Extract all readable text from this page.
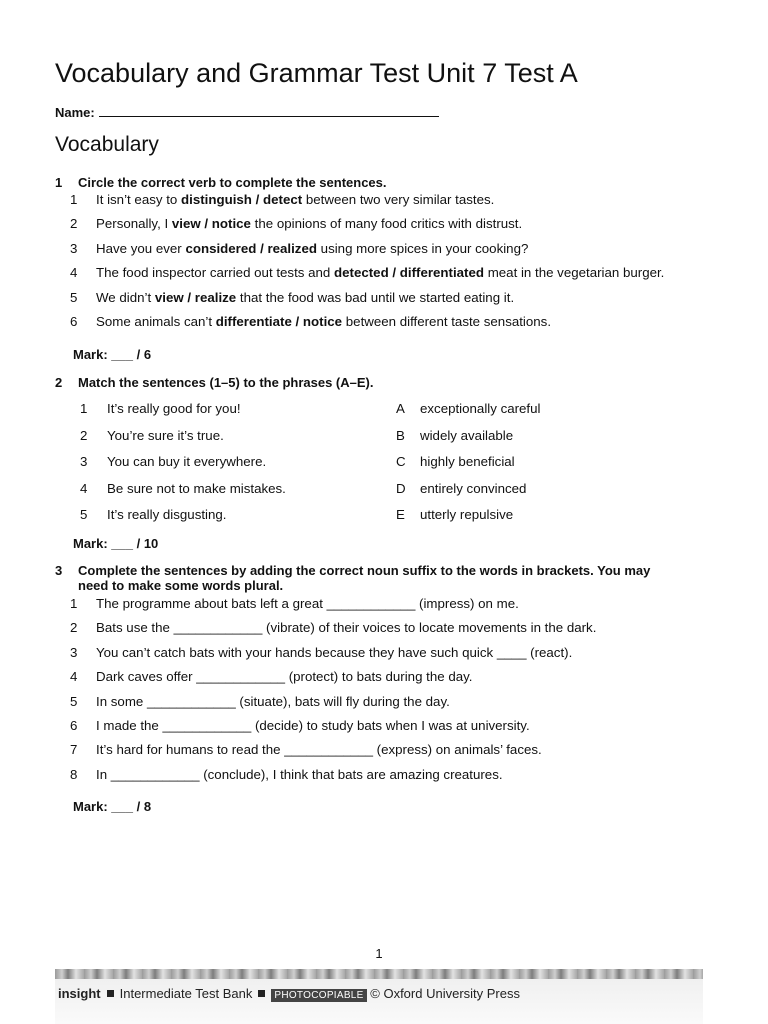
Vocabulary and Grammar Test Unit 7 Test A
Name:
Vocabulary
1 Circle the correct verb to complete the sentences.
1 It isn’t easy to distinguish / detect between two very similar tastes.
2 Personally, I view / notice the opinions of many food critics with distrust.
3 Have you ever considered / realized using more spices in your cooking?
4 The food inspector carried out tests and detected / differentiated meat in the vegetarian burger.
5 We didn’t view / realize that the food was bad until we started eating it.
6 Some animals can’t differentiate / notice between different taste sensations.
Mark: ___ / 6
2 Match the sentences (1–5) to the phrases (A–E).
1 It’s really good for you!	A exceptionally careful
2 You’re sure it’s true.	B widely available
3 You can buy it everywhere.	C highly beneficial
4 Be sure not to make mistakes.	D entirely convinced
5 It’s really disgusting.	E utterly repulsive
Mark: ___ / 10
3 Complete the sentences by adding the correct noun suffix to the words in brackets. You may need to make some words plural.
1 The programme about bats left a great ____________ (impress) on me.
2 Bats use the ____________ (vibrate) of their voices to locate movements in the dark.
3 You can’t catch bats with your hands because they have such quick ____ (react).
4 Dark caves offer ____________ (protect) to bats during the day.
5 In some ____________ (situate), bats will fly during the day.
6 I made the ____________ (decide) to study bats when I was at university.
7 It’s hard for humans to read the ____________ (express) on animals’ faces.
8 In ____________ (conclude), I think that bats are amazing creatures.
Mark: ___ / 8
1
insight Intermediate Test Bank PHOTOCOPIABLE © Oxford University Press
